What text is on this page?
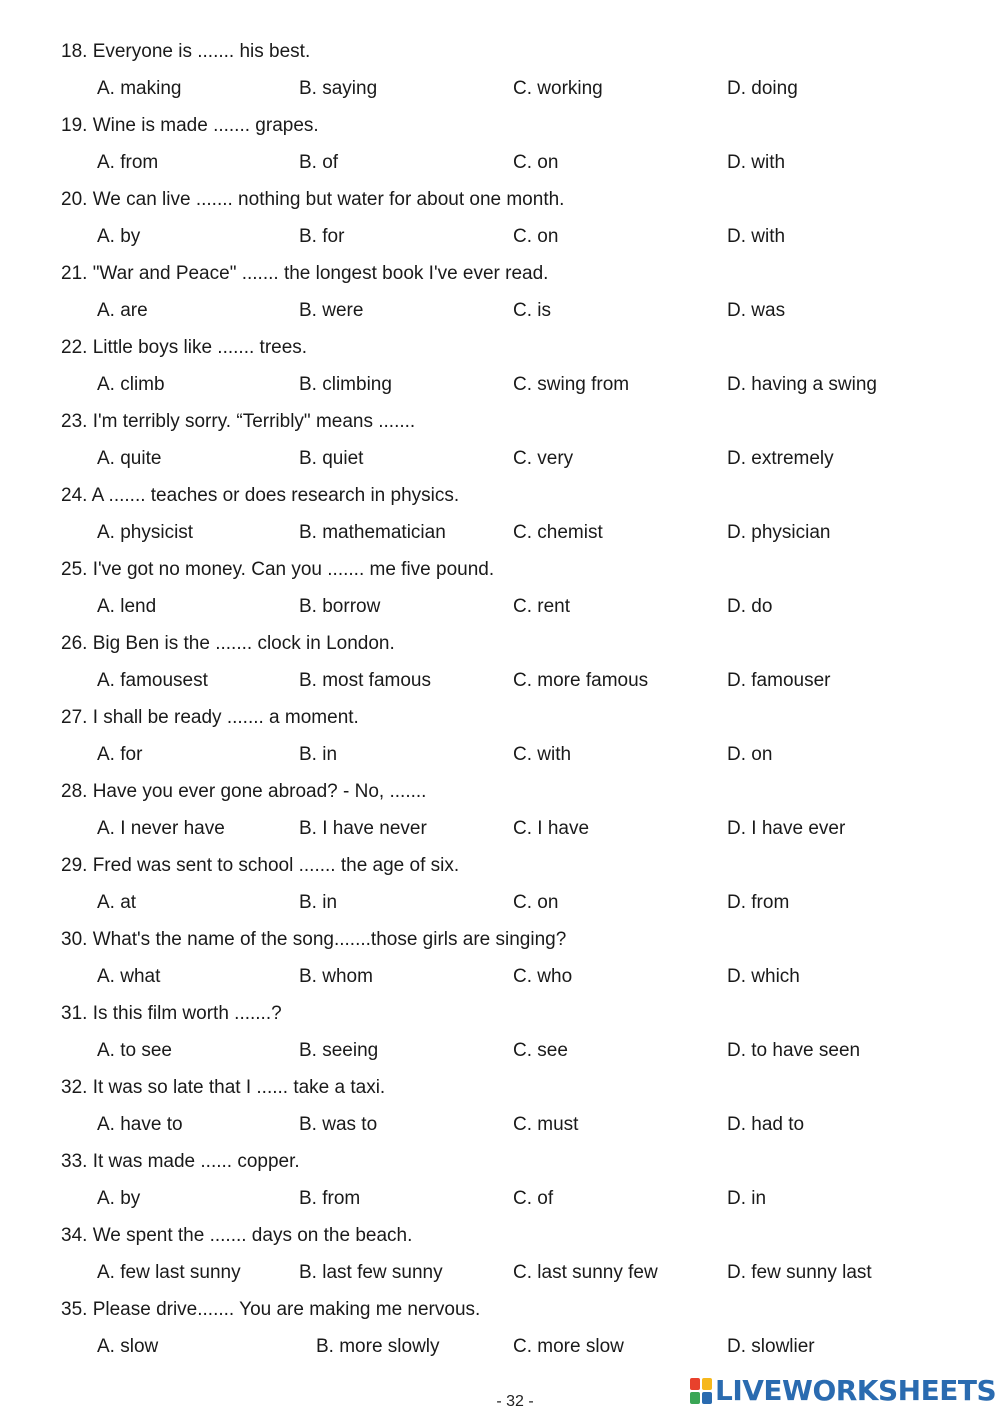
18. Everyone is ....... his best.
A. making	B. saying	C. working	D. doing
19. Wine is made ....... grapes.
A. from	B. of	C. on	D. with
20. We can live ....... nothing but water for about one month.
A. by	B. for	C. on	D. with
21. "War and Peace" ....... the longest book I've ever read.
A. are	B. were	C. is	D. was
22. Little boys like ....... trees.
A. climb	B. climbing	C. swing from	D. having a swing
23. I'm terribly sorry. “Terribly" means .......
A. quite	B. quiet	C. very	D. extremely
24. A ....... teaches or does research in physics.
A. physicist	B. mathematician	C. chemist	D. physician
25. I've got no money. Can you ....... me five pound.
A. lend	B. borrow	C. rent	D. do
26. Big Ben is the ....... clock in London.
A. famousest	B. most famous	C. more famous	D. famouser
27. I shall be ready ....... a moment.
A. for	B. in	C. with	D. on
28. Have you ever gone abroad? - No, .......
A. I never have	B. I have never	C. I have	D. I have ever
29. Fred was sent to school ....... the age of six.
A. at	B. in	C. on	D. from
30. What's the name of the song.......those girls are singing?
A. what	B. whom	C. who	D. which
31. Is this film worth .......?
A. to see	B. seeing	C. see	D. to have seen
32. It was so late that I ...... take a taxi.
A. have to	B. was to	C. must	D. had to
33. It was made ...... copper.
A. by	B. from	C. of	D. in
34. We spent the ....... days on the beach.
A. few last sunny	B. last few sunny	C. last sunny few	D. few sunny last
35. Please drive....... You are making me nervous.
A. slow	B. more slowly	C. more slow	D. slowlier
- 32 -	LIVEWORKSHEETS
